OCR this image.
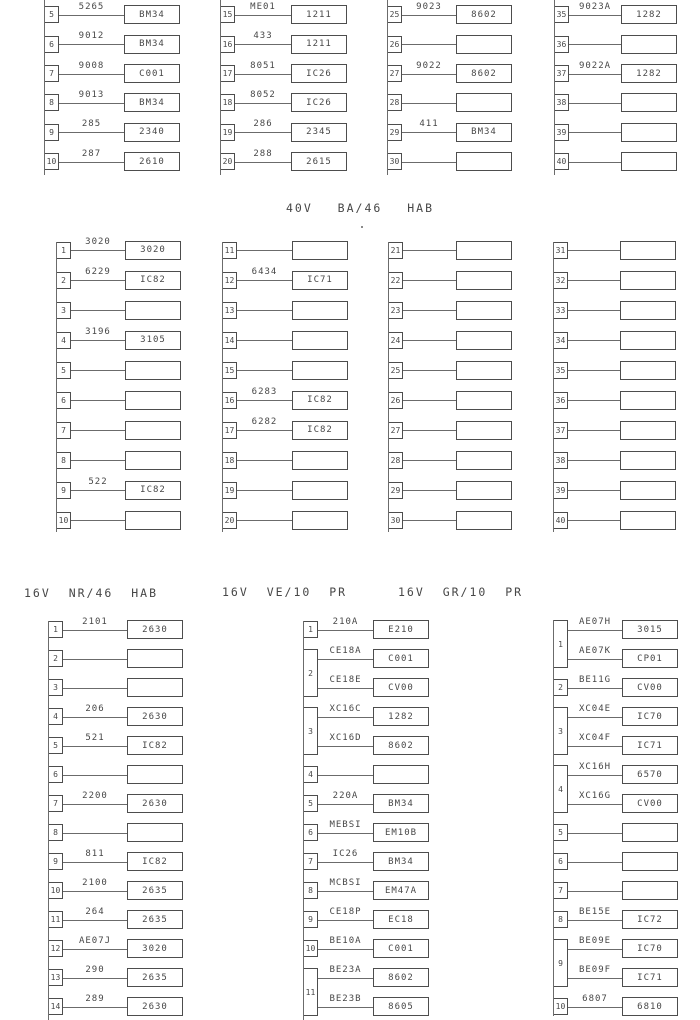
40V BA/46 HAB
16V NR/46 HAB	16V VE/10 PR	16V GR/10 PR
5
5265
BM34
6
9012
BM34
7
9008
C001
8
9013
BM34
9
285
2340
10
287
2610
15
ME01
1211
16
433
1211
17
8051
IC26
18
8052
IC26
19
286
2345
20
288
2615
25
9023
8602
26
27
9022
8602
28
29
411
BM34
30
35
9023A
1282
36
37
9022A
1282
38
39
40
1
3020
3020
2
6229
IC82
3
4
3196
3105
5
6
7
8
9
522
IC82
10
11
12
6434
IC71
13
14
15
16
6283
IC82
17
6282
IC82
18
19
20
21
22
23
24
25
26
27
28
29
30
31
32
33
34
35
36
37
38
39
40
1
2101
2630
2
3
4
206
2630
5
521
IC82
6
7
2200
2630
8
9
811
IC82
10
2100
2635
11
264
2635
12
AE07J
3020
13
290
2635
14
289
2630
1
210A
E210
2
CE18A
C001
CE18E
CV00
3
XC16C
1282
XC16D
8602
4
5
220A
BM34
6
MEBSI
EM10B
7
IC26
BM34
8
MCBSI
EM47A
9
CE18P
EC18
10
BE10A
C001
11
BE23A
8602
BE23B
8605
1
AE07H
3015
AE07K
CP01
2
BE11G
CV00
3
XC04E
IC70
XC04F
IC71
4
XC16H
6570
XC16G
CV00
5
6
7
8
BE15E
IC72
9
BE09E
IC70
BE09F
IC71
10
6807
6810
